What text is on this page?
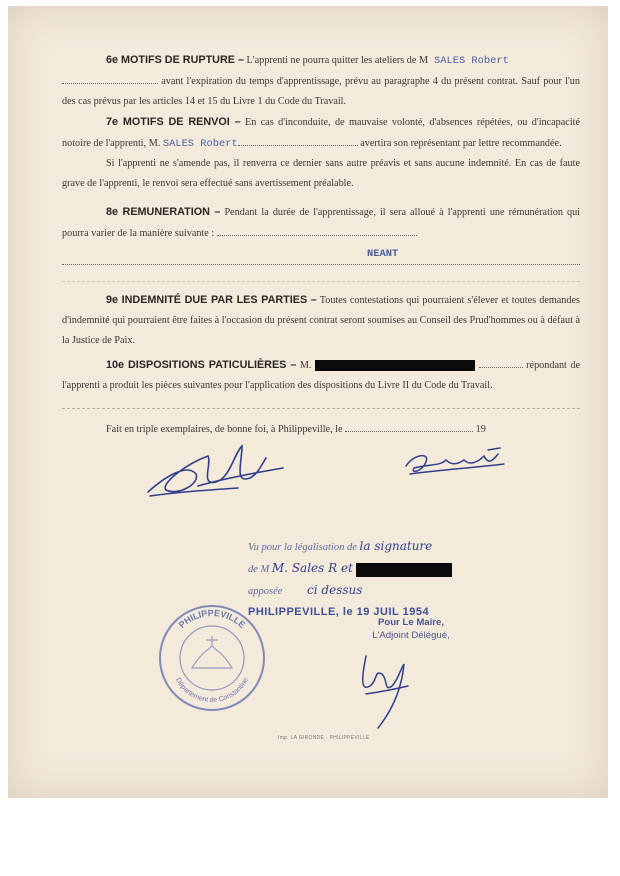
6e MOTIFS DE RUPTURE – L'apprenti ne pourra quitter les ateliers de M SALES Robert
avant l'expiration du temps d'apprentissage, prévu au paragraphe 4 du présent contrat. Sauf pour l'un des cas prévus par les articles 14 et 15 du Livre 1 du Code du Travail.

7e MOTIFS DE RENVOI – En cas d'inconduite, de mauvaise volonté, d'absences répétées, ou d'incapacité notoire de l'apprenti, M. SALES Robert	avertira son représentant par lettre recommandée.

Si l'apprenti ne s'amende pas, il renverra ce dernier sans autre préavis et sans aucune indemnité. En cas de faute grave de l'apprenti, le renvoi sera effectué sans avertissement préalable.

8e REMUNERATION – Pendant la durée de l'apprentissage, il sera alloué à l'apprenti une rémunération qui pourra varier de la manière suivante :

NEANT

9e INDEMNITÉ DUE PAR LES PARTIES – Toutes contestations qui pourraient s'élever et toutes demandes d'indemnité qui pourraient être faites à l'occasion du présent contrat seront soumises au Conseil des Prud'hommes ou à défaut à la Justice de Paix.

10e DISPOSITIONS PATICULIÈRES – M.	répondant de l'apprenti a produit les pièces suivantes pour l'application des dispositions du Livre II du Code du Travail.

Fait en triple exemplaires, de bonne foi, à Philippeville, le	19

Vu pour la légalisation de la signature
de M M. Sales R et
apposée ci dessus
PHILIPPEVILLE, le 19 JUIL 1954
Pour Le Maire,
L'Adjoint Délégué,
PHILIPPEVILLE
Département de Constantine
Imp. LA GIRONDE · PHILIPPEVILLE
